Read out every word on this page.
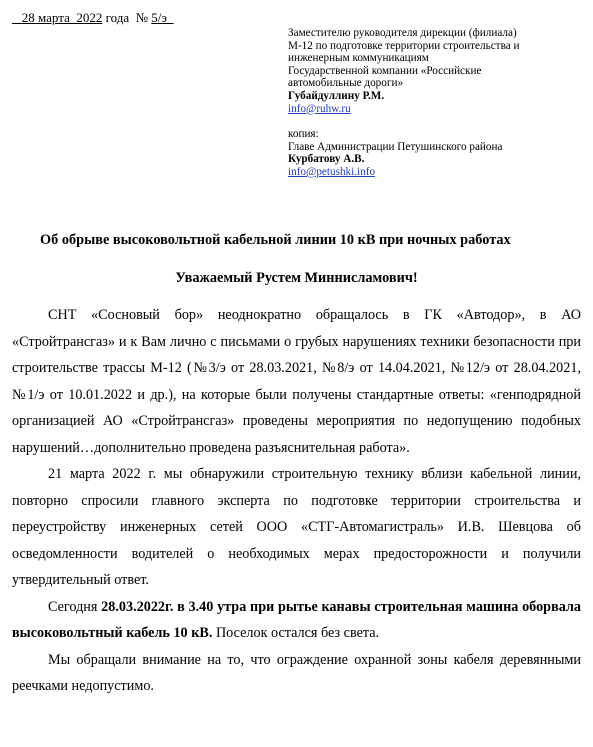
28 марта_2022 года  № 5/э_
Заместителю руководителя дирекции (филиала)
М-12 по подготовке территории строительства и
инженерным коммуникациям
Государственной компании «Российские
автомобильные дороги»
Губайдуллину Р.М.
info@ruhw.ru
копия:
Главе Администрации Петушинского района
Курбатову А.В.
info@petushki.info
Об обрыве высоковольтной кабельной линии 10 кВ при ночных работах
Уважаемый Рустем Миннисламович!

СНТ «Сосновый бор» неоднократно обращалось в ГК «Автодор», в АО «Стройтрансгаз» и к Вам лично с письмами о грубых нарушениях техники безопасности при строительстве трассы М-12 (№3/э от 28.03.2021, №8/э от 14.04.2021, №12/э от 28.04.2021, №1/э от 10.01.2022 и др.), на которые были получены стандартные ответы: «генподрядной организацией АО «Стройтрансгаз» проведены мероприятия по недопущению подобных нарушений…дополнительно проведена разъяснительная работа».

21 марта 2022 г. мы обнаружили строительную технику вблизи кабельной линии, повторно спросили главного эксперта по подготовке территории строительства и переустройству инженерных сетей ООО «СТГ-Автомагистраль» И.В. Шевцова об осведомленности водителей о необходимых мерах предосторожности и получили утвердительный ответ.

Сегодня 28.03.2022г. в 3.40 утра при рытье канавы строительная машина оборвала высоковольтный кабель 10 кВ. Поселок остался без света.

Мы обращали внимание на то, что ограждение охранной зоны кабеля деревянными реечками недопустимо.
